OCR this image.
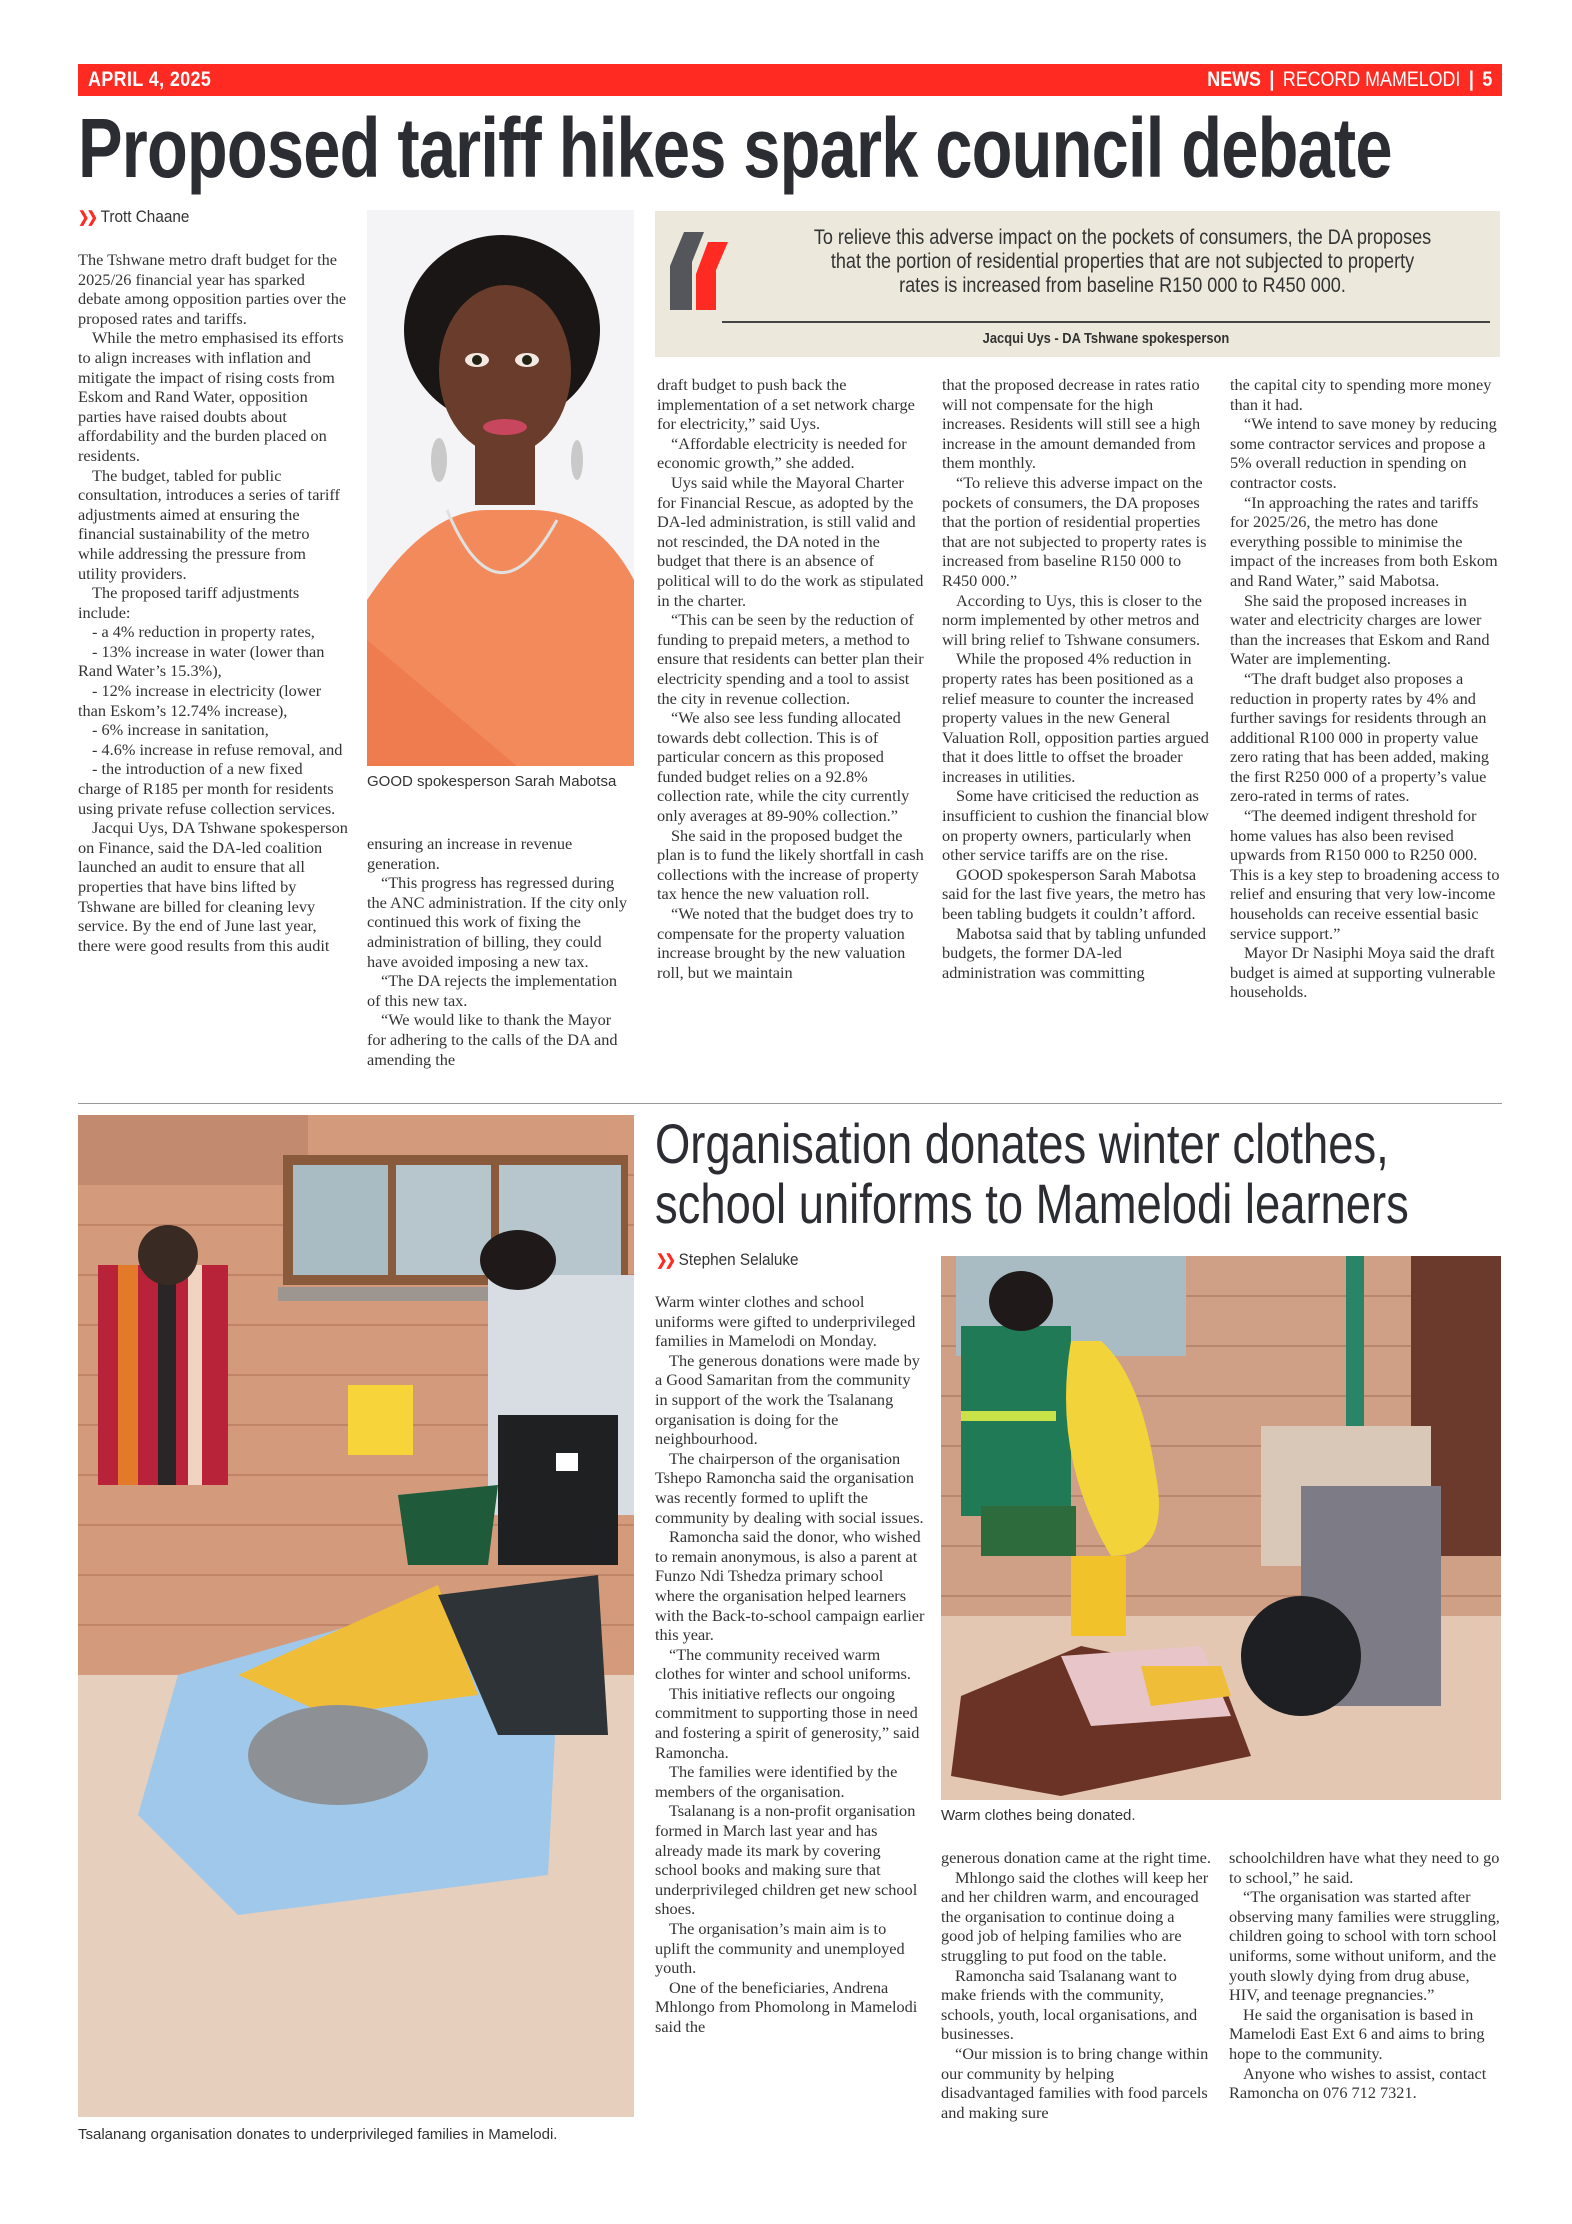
APRIL 4, 2025	NEWS | RECORD MAMELODI | 5
Proposed tariff hikes spark council debate
❯❯ Trott Chaane

The Tshwane metro draft budget for the 2025/26 financial year has sparked debate among opposition parties over the proposed rates and tariffs.

While the metro emphasised its efforts to align increases with inflation and mitigate the impact of rising costs from Eskom and Rand Water, opposition parties have raised doubts about affordability and the burden placed on residents.

The budget, tabled for public consultation, introduces a series of tariff adjustments aimed at ensuring the financial sustainability of the metro while addressing the pressure from utility providers.

The proposed tariff adjustments include:

- a 4% reduction in property rates,

- 13% increase in water (lower than Rand Water’s 15.3%),

- 12% increase in electricity (lower than Eskom’s 12.74% increase),

- 6% increase in sanitation,

- 4.6% increase in refuse removal, and

- the introduction of a new fixed charge of R185 per month for residents using private refuse collection services.

Jacqui Uys, DA Tshwane spokesperson on Finance, said the DA-led coalition launched an audit to ensure that all properties that have bins lifted by Tshwane are billed for cleaning levy service. By the end of June last year, there were good results from this audit

GOOD spokesperson Sarah Mabotsa

ensuring an increase in revenue generation.

“This progress has regressed during the ANC administration. If the city only continued this work of fixing the administration of billing, they could have avoided imposing a new tax.

“The DA rejects the implementation of this new tax.

“We would like to thank the Mayor for adhering to the calls of the DA and amending the

To relieve this adverse impact on the pockets of consumers, the DA proposes that the portion of residential properties that are not subjected to property rates is increased from baseline R150 000 to R450 000.
Jacqui Uys - DA Tshwane spokesperson

draft budget to push back the implementation of a set network charge for electricity,” said Uys.

“Affordable electricity is needed for economic growth,” she added.

Uys said while the Mayoral Charter for Financial Rescue, as adopted by the DA-led administration, is still valid and not rescinded, the DA noted in the budget that there is an absence of political will to do the work as stipulated in the charter.

“This can be seen by the reduction of funding to prepaid meters, a method to ensure that residents can better plan their electricity spending and a tool to assist the city in revenue collection.

“We also see less funding allocated towards debt collection. This is of particular concern as this proposed funded budget relies on a 92.8% collection rate, while the city currently only averages at 89-90% collection.”

She said in the proposed budget the plan is to fund the likely shortfall in cash collections with the increase of property tax hence the new valuation roll.

“We noted that the budget does try to compensate for the property valuation increase brought by the new valuation roll, but we maintain

that the proposed decrease in rates ratio will not compensate for the high increases. Residents will still see a high increase in the amount demanded from them monthly.

“To relieve this adverse impact on the pockets of consumers, the DA proposes that the portion of residential properties that are not subjected to property rates is increased from baseline R150 000 to R450 000.”

According to Uys, this is closer to the norm implemented by other metros and will bring relief to Tshwane consumers.

While the proposed 4% reduction in property rates has been positioned as a relief measure to counter the increased property values in the new General Valuation Roll, opposition parties argued that it does little to offset the broader increases in utilities.

Some have criticised the reduction as insufficient to cushion the financial blow on property owners, particularly when other service tariffs are on the rise.

GOOD spokesperson Sarah Mabotsa said for the last five years, the metro has been tabling budgets it couldn’t afford.

Mabotsa said that by tabling unfunded budgets, the former DA-led administration was committing

the capital city to spending more money than it had.

“We intend to save money by reducing some contractor services and propose a 5% overall reduction in spending on contractor costs.

“In approaching the rates and tariffs for 2025/26, the metro has done everything possible to minimise the impact of the increases from both Eskom and Rand Water,” said Mabotsa.

She said the proposed increases in water and electricity charges are lower than the increases that Eskom and Rand Water are implementing.

“The draft budget also proposes a reduction in property rates by 4% and further savings for residents through an additional R100 000 in property value zero rating that has been added, making the first R250 000 of a property’s value zero-rated in terms of rates.

“The deemed indigent threshold for home values has also been revised upwards from R150 000 to R250 000. This is a key step to broadening access to relief and ensuring that very low-income households can receive essential basic service support.”

Mayor Dr Nasiphi Moya said the draft budget is aimed at supporting vulnerable households.

Tsalanang organisation donates to underprivileged families in Mamelodi.
Organisation donates winter clothes,
school uniforms to Mamelodi learners
❯❯ Stephen Selaluke

Warm winter clothes and school uniforms were gifted to underprivileged families in Mamelodi on Monday.

The generous donations were made by a Good Samaritan from the community in support of the work the Tsalanang organisation is doing for the neighbourhood.

The chairperson of the organisation Tshepo Ramoncha said the organisation was recently formed to uplift the community by dealing with social issues.

Ramoncha said the donor, who wished to remain anonymous, is also a parent at Funzo Ndi Tshedza primary school where the organisation helped learners with the Back-to-school campaign earlier this year.

“The community received warm clothes for winter and school uniforms.

This initiative reflects our ongoing commitment to supporting those in need and fostering a spirit of generosity,” said Ramoncha.

The families were identified by the members of the organisation.

Tsalanang is a non-profit organisation formed in March last year and has already made its mark by covering school books and making sure that underprivileged children get new school shoes.

The organisation’s main aim is to uplift the community and unemployed youth.

One of the beneficiaries, Andrena Mhlongo from Phomolong in Mamelodi said the

Warm clothes being donated.

generous donation came at the right time.

Mhlongo said the clothes will keep her and her children warm, and encouraged the organisation to continue doing a good job of helping families who are struggling to put food on the table.

Ramoncha said Tsalanang want to make friends with the community, schools, youth, local organisations, and businesses.

“Our mission is to bring change within our community by helping disadvantaged families with food parcels and making sure

schoolchildren have what they need to go to school,” he said.

“The organisation was started after observing many families were struggling, children going to school with torn school uniforms, some without uniform, and the youth slowly dying from drug abuse, HIV, and teenage pregnancies.”

He said the organisation is based in Mamelodi East Ext 6 and aims to bring hope to the community.

Anyone who wishes to assist, contact Ramoncha on 076 712 7321.
